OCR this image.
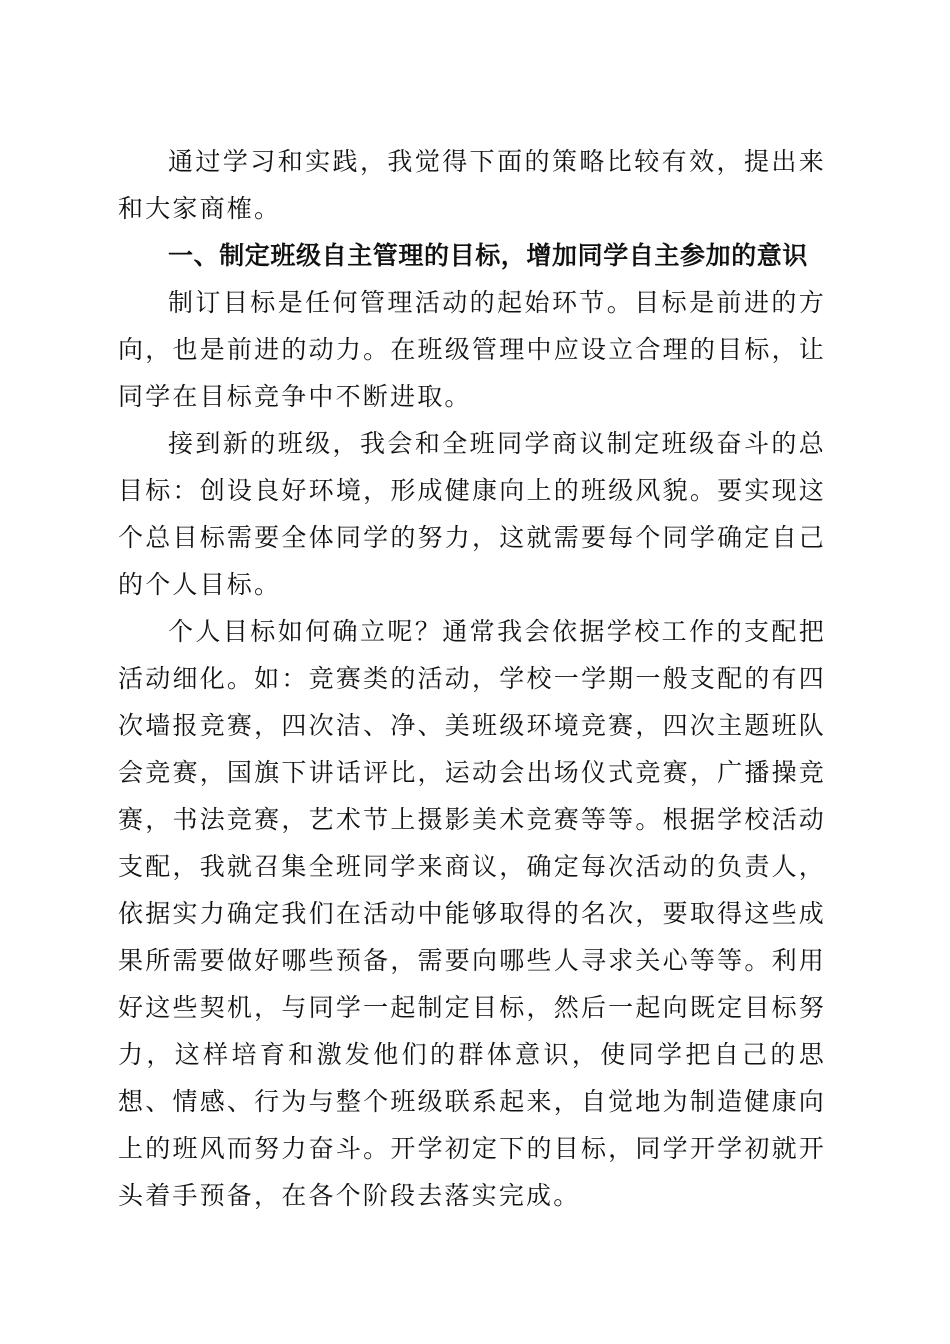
通过学习和实践，我觉得下面的策略比较有效，提出来和大家商榷。

一、制定班级自主管理的目标，增加同学自主参加的意识

制订目标是任何管理活动的起始环节。目标是前进的方向，也是前进的动力。在班级管理中应设立合理的目标，让同学在目标竞争中不断进取。

接到新的班级，我会和全班同学商议制定班级奋斗的总目标：创设良好环境，形成健康向上的班级风貌。要实现这个总目标需要全体同学的努力，这就需要每个同学确定自己的个人目标。

个人目标如何确立呢？通常我会依据学校工作的支配把活动细化。如：竞赛类的活动，学校一学期一般支配的有四次墙报竞赛，四次洁、净、美班级环境竞赛，四次主题班队会竞赛，国旗下讲话评比，运动会出场仪式竞赛，广播操竞赛，书法竞赛，艺术节上摄影美术竞赛等等。根据学校活动支配，我就召集全班同学来商议，确定每次活动的负责人，依据实力确定我们在活动中能够取得的名次，要取得这些成果所需要做好哪些预备，需要向哪些人寻求关心等等。利用好这些契机，与同学一起制定目标，然后一起向既定目标努力，这样培育和激发他们的群体意识，使同学把自己的思想、情感、行为与整个班级联系起来，自觉地为制造健康向上的班风而努力奋斗。开学初定下的目标，同学开学初就开头着手预备，在各个阶段去落实完成。
